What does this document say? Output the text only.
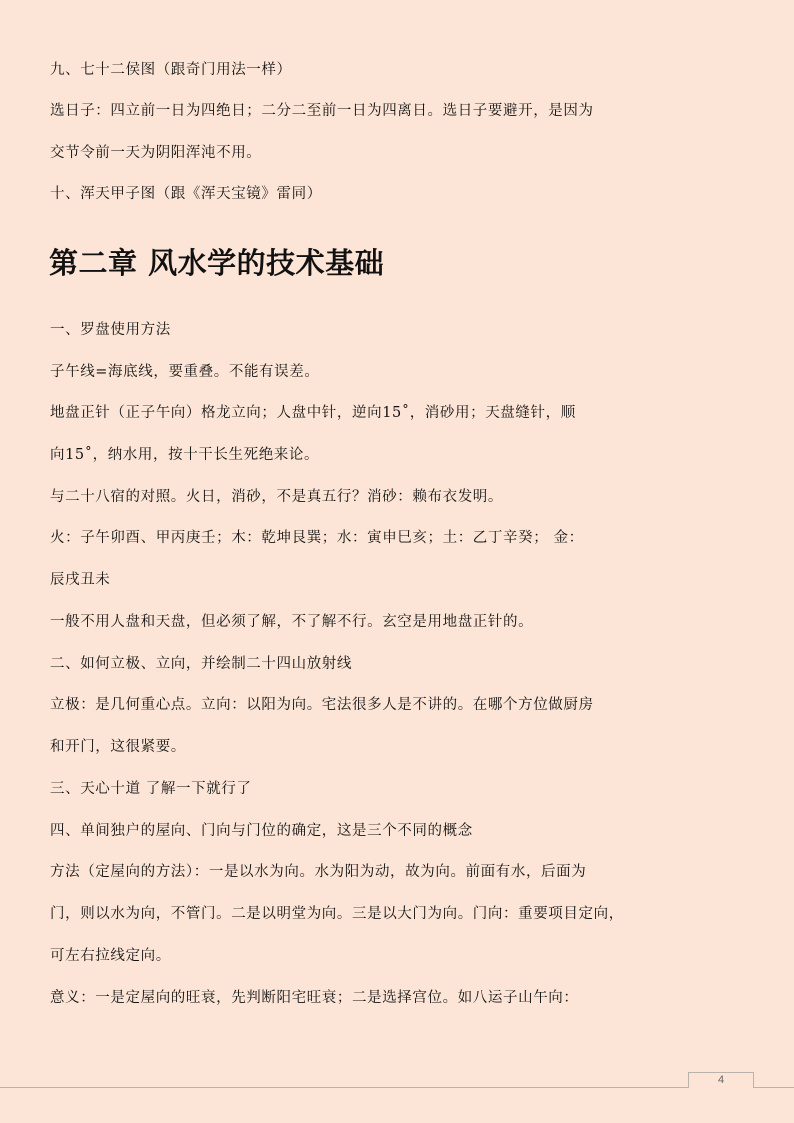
九、七十二侯图（跟奇门用法一样）
选日子：四立前一日为四绝日；二分二至前一日为四离日。选日子要避开，是因为
交节令前一天为阴阳浑沌不用。
十、浑天甲子图（跟《浑天宝镜》雷同）
第二章 风水学的技术基础
一、罗盘使用方法
子午线=海底线，要重叠。不能有误差。
地盘正针（正子午向）格龙立向；人盘中针，逆向15˚，消砂用；天盘缝针，顺
向15˚，纳水用，按十干长生死绝来论。
与二十八宿的对照。火日，消砂，不是真五行？消砂：赖布衣发明。
火：子午卯酉、甲丙庚壬；木：乾坤艮巽；水：寅申巳亥；土：乙丁辛癸； 金：
辰戌丑未
一般不用人盘和天盘，但必须了解，不了解不行。玄空是用地盘正针的。
二、如何立极、立向，并绘制二十四山放射线
立极：是几何重心点。立向：以阳为向。宅法很多人是不讲的。在哪个方位做厨房
和开门，这很紧要。
三、天心十道 了解一下就行了
四、单间独户的屋向、门向与门位的确定，这是三个不同的概念
方法（定屋向的方法）：一是以水为向。水为阳为动，故为向。前面有水，后面为
门，则以水为向，不管门。二是以明堂为向。三是以大门为向。门向：重要项目定向，
可左右拉线定向。
意义：一是定屋向的旺衰，先判断阳宅旺衰；二是选择宫位。如八运子山午向：
4
